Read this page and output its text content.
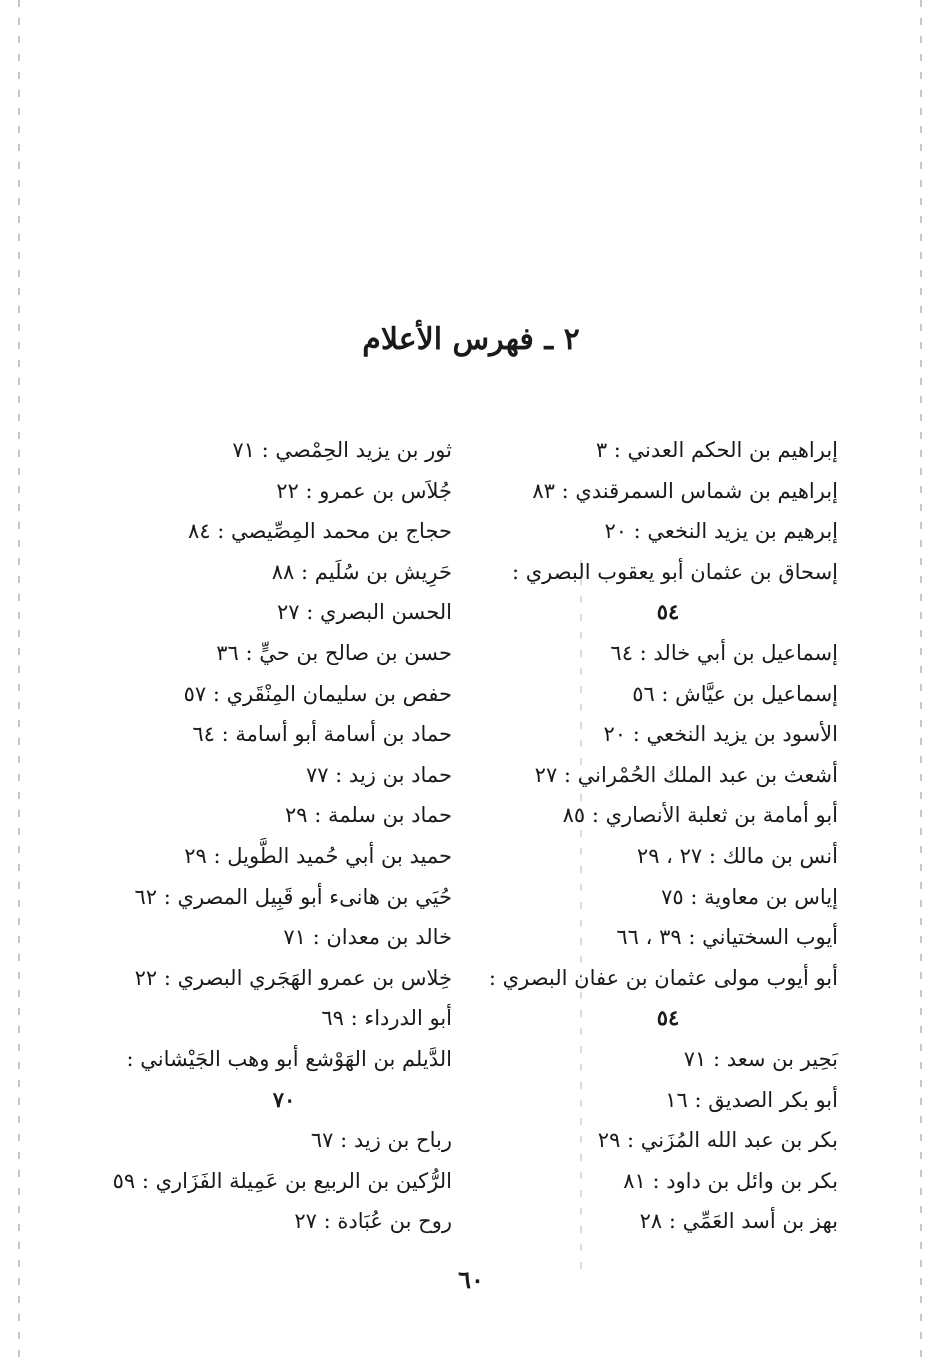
٢ ـ فهرس الأعلام
إبراهيم بن الحكم العدني : ٣
إبراهيم بن شماس السمرقندي : ٨٣
إبرهيم بن يزيد النخعي : ٢٠
إسحاق بن عثمان أبو يعقوب البصري :
٥٤
إسماعيل بن أبي خالد : ٦٤
إسماعيل بن عيَّاش : ٥٦
الأسود بن يزيد النخعي : ٢٠
أشعث بن عبد الملك الحُمْراني : ٢٧
أبو أمامة بن ثعلبة الأنصاري : ٨٥
أنس بن مالك : ٢٧ ، ٢٩
إياس بن معاوية : ٧٥
أيوب السختياني : ٣٩ ، ٦٦
أبو أيوب مولى عثمان بن عفان البصري :
٥٤
بَحِير بن سعد : ٧١
أبو بكر الصديق : ١٦
بكر بن عبد الله المُزَني : ٢٩
بكر بن وائل بن داود : ٨١
بهز بن أسد العَمِّي : ٢٨
ثور بن يزيد الحِمْصي : ٧١
جُلاَس بن عمرو : ٢٢
حجاج بن محمد المِصِّيصي : ٨٤
حَرِيش بن سُلَيم : ٨٨
الحسن البصري : ٢٧
حسن بن صالح بن حيٍّ : ٣٦
حفص بن سليمان المِنْقَري : ٥٧
حماد بن أسامة أبو أسامة : ٦٤
حماد بن زيد : ٧٧
حماد بن سلمة : ٢٩
حميد بن أبي حُميد الطَّويل : ٢٩
حُيَي بن هانىء أبو قَبِيل المصري : ٦٢
خالد بن معدان : ٧١
خِلاس بن عمرو الهَجَري البصري : ٢٢
أبو الدرداء : ٦٩
الدَّيلم بن الهَوْشع أبو وهب الجَيْشاني :
٧٠
رباح بن زيد : ٦٧
الرُّكين بن الربيع بن عَمِيلة الفَزَاري : ٥٩
روح بن عُبَادة : ٢٧
٦٠
